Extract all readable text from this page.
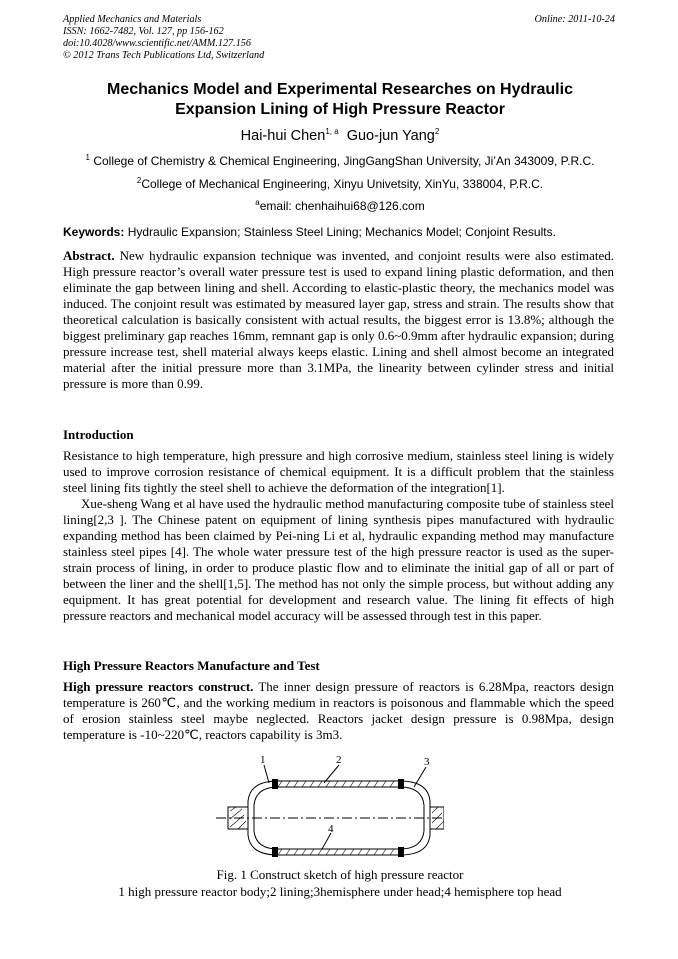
Applied Mechanics and Materials
ISSN: 1662-7482, Vol. 127, pp 156-162
doi:10.4028/www.scientific.net/AMM.127.156
© 2012 Trans Tech Publications Ltd, Switzerland
Online: 2011-10-24
Mechanics Model and Experimental Researches on Hydraulic
Expansion Lining of High Pressure Reactor
Hai-hui Chen$^{1, a}$ Guo-jun Yang$^2$
$^1$ College of Chemistry & Chemical Engineering, JingGangShan University, Ji’An 343009, P.R.C.
$^2$College of Mechanical Engineering, Xinyu Univetsity, XinYu, 338004, P.R.C.
$^a$email: chenhaihui68@126.com
Keywords: Hydraulic Expansion; Stainless Steel Lining; Mechanics Model; Conjoint Results.
Abstract. New hydraulic expansion technique was invented, and conjoint results were also estimated. High pressure reactor’s overall water pressure test is used to expand lining plastic deformation, and then eliminate the gap between lining and shell. According to elastic-plastic theory, the mechanics model was induced. The conjoint result was estimated by measured layer gap, stress and strain. The results show that theoretical calculation is basically consistent with actual results, the biggest error is 13.8%; although the biggest preliminary gap reaches 16mm, remnant gap is only 0.6~0.9mm after hydraulic expansion; during pressure increase test, shell material always keeps elastic. Lining and shell almost become an integrated material after the initial pressure more than 3.1MPa, the linearity between cylinder stress and initial pressure is more than 0.99.
Introduction

Resistance to high temperature, high pressure and high corrosive medium, stainless steel lining is widely used to improve corrosion resistance of chemical equipment. It is a difficult problem that the stainless steel lining fits tightly the steel shell to achieve the deformation of the integration[1].

Xue-sheng Wang et al have used the hydraulic method manufacturing composite tube of stainless steel lining[2,3 ]. The Chinese patent on equipment of lining synthesis pipes manufactured with hydraulic expanding method has been claimed by Pei-ning Li et al, hydraulic expanding method may manufacture stainless steel pipes [4]. The whole water pressure test of the high pressure reactor is used as the super-strain process of lining, in order to produce plastic flow and to eliminate the initial gap of all or part of between the liner and the shell[1,5]. The method has not only the simple process, but without adding any equipment. It has great potential for development and research value. The lining fit effects of high pressure reactors and mechanical model accuracy will be assessed through test in this paper.

High Pressure Reactors Manufacture and Test
High pressure reactors construct. The inner design pressure of reactors is 6.28Mpa, reactors design temperature is 260℃, and the working medium in reactors is poisonous and flammable which the speed of erosion stainless steel maybe neglected. Reactors jacket design pressure is 0.98Mpa, design temperature is -10~220℃, reactors capability is 3m3.
1	2	3
4
Fig. 1 Construct sketch of high pressure reactor
1 high pressure reactor body;2 lining;3hemisphere under head;4 hemisphere top head
